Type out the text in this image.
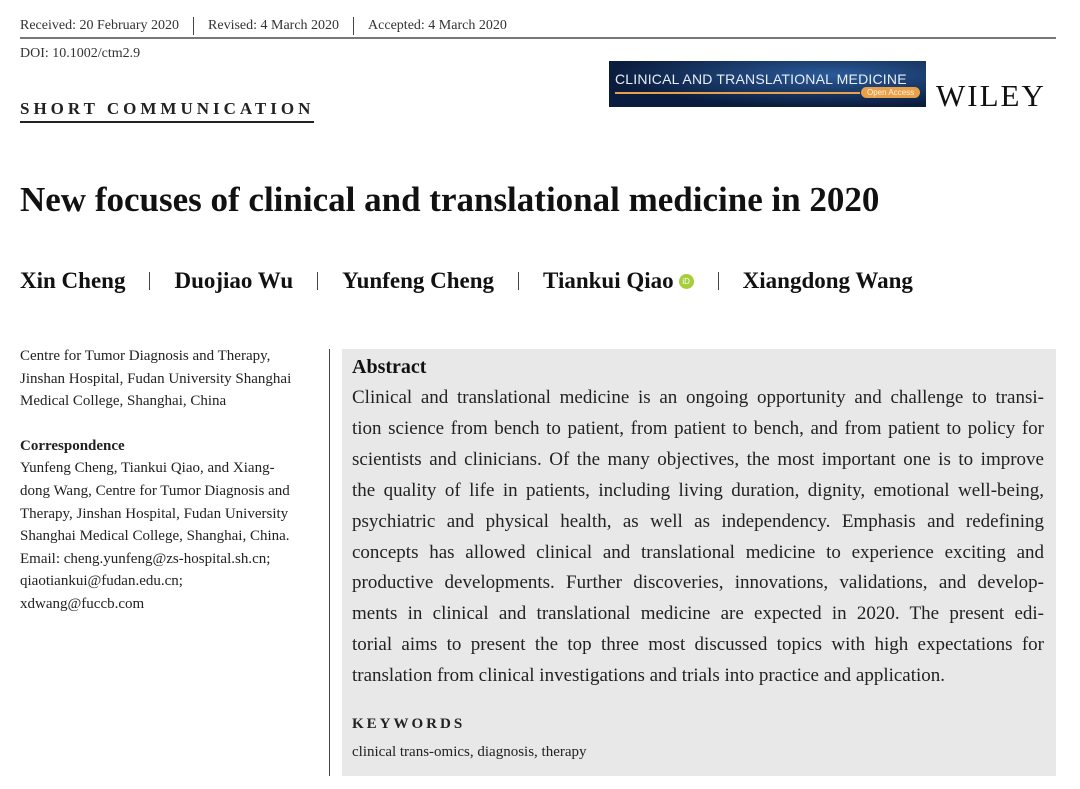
Received: 20 February 2020	Revised: 4 March 2020	Accepted: 4 March 2020
DOI: 10.1002/ctm2.9
SHORT COMMUNICATION
CLINICAL AND TRANSLATIONAL MEDICINE
Open Access WILEY
New focuses of clinical and translational medicine in 2020
Xin Cheng Duojiao Wu Yunfeng Cheng Tiankui Qiao	iD Xiangdong Wang
Centre for Tumor Diagnosis and Therapy,
Jinshan Hospital, Fudan University Shanghai
Medical College, Shanghai, China
Correspondence
Yunfeng Cheng, Tiankui Qiao, and Xiang-
dong Wang, Centre for Tumor Diagnosis and
Therapy, Jinshan Hospital, Fudan University
Shanghai Medical College, Shanghai, China.
Email: cheng.yunfeng@zs-hospital.sh.cn;
qiaotiankui@fudan.edu.cn;
xdwang@fuccb.com
Abstract
Clinical and translational medicine is an ongoing opportunity and challenge to transi-
tion science from bench to patient, from patient to bench, and from patient to policy for
scientists and clinicians. Of the many objectives, the most important one is to improve
the quality of life in patients, including living duration, dignity, emotional well-being,
psychiatric and physical health, as well as independency. Emphasis and redefining
concepts has allowed clinical and translational medicine to experience exciting and
productive developments. Further discoveries, innovations, validations, and develop-
ments in clinical and translational medicine are expected in 2020. The present edi-
torial aims to present the top three most discussed topics with high expectations for
translation from clinical investigations and trials into practice and application.
KEYWORDS
clinical trans-omics, diagnosis, therapy
